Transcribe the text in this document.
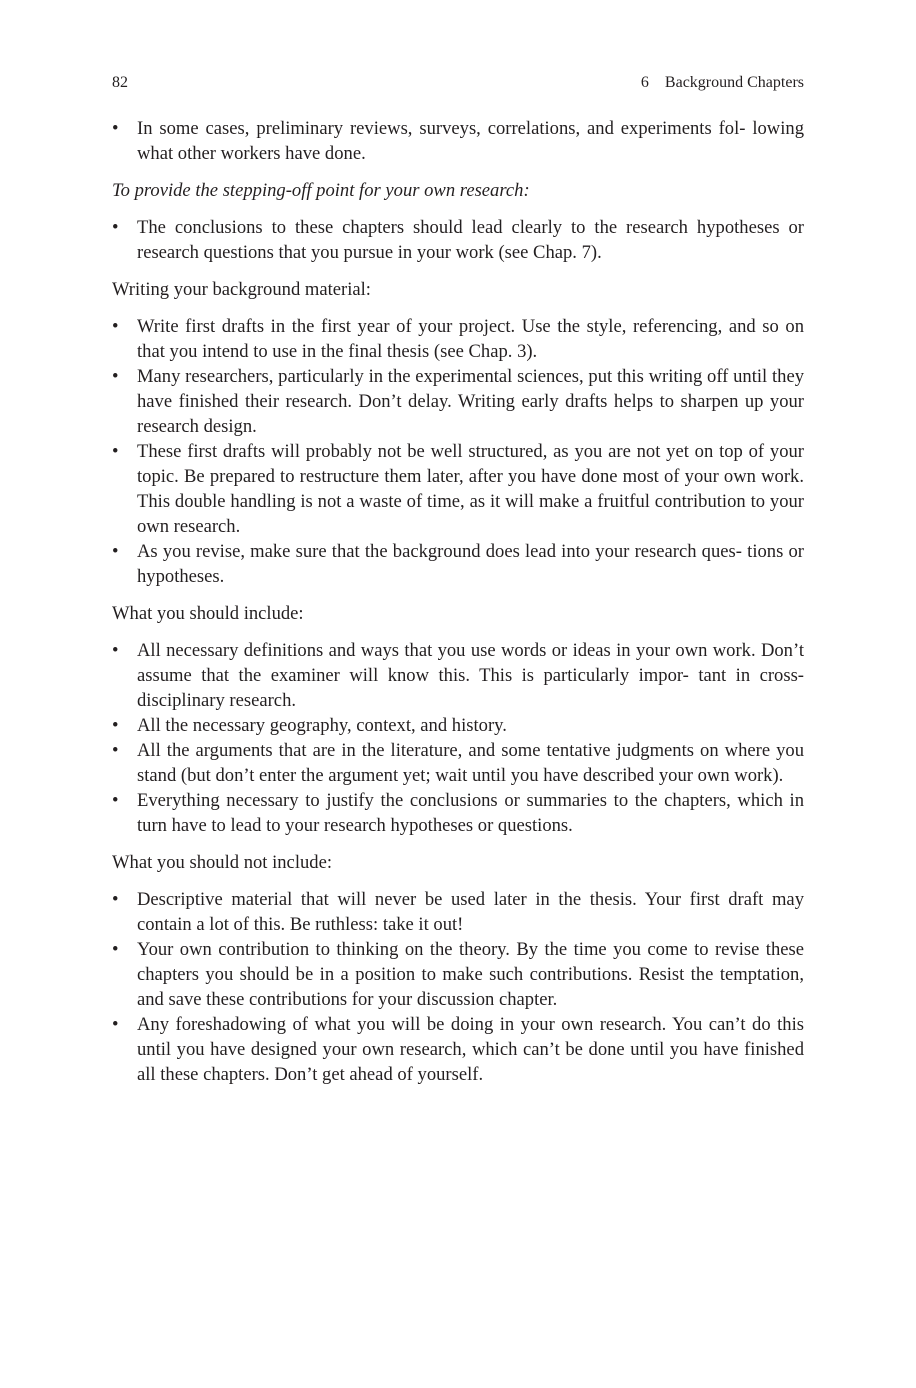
82	6 Background Chapters
• In some cases, preliminary reviews, surveys, correlations, and experiments fol- lowing what other workers have done.
To provide the stepping-off point for your own research:
• The conclusions to these chapters should lead clearly to the research hypotheses or research questions that you pursue in your work (see Chap. 7).
Writing your background material:
• Write first drafts in the first year of your project. Use the style, referencing, and so on that you intend to use in the final thesis (see Chap. 3).
• Many researchers, particularly in the experimental sciences, put this writing off until they have finished their research. Don’t delay. Writing early drafts helps to sharpen up your research design.
• These first drafts will probably not be well structured, as you are not yet on top of your topic. Be prepared to restructure them later, after you have done most of your own work. This double handling is not a waste of time, as it will make a fruitful contribution to your own research.
• As you revise, make sure that the background does lead into your research ques- tions or hypotheses.
What you should include:
• All necessary definitions and ways that you use words or ideas in your own work. Don’t assume that the examiner will know this. This is particularly impor- tant in cross-disciplinary research.
• All the necessary geography, context, and history.
• All the arguments that are in the literature, and some tentative judgments on where you stand (but don’t enter the argument yet; wait until you have described your own work).
• Everything necessary to justify the conclusions or summaries to the chapters, which in turn have to lead to your research hypotheses or questions.
What you should not include:
• Descriptive material that will never be used later in the thesis. Your first draft may contain a lot of this. Be ruthless: take it out!
• Your own contribution to thinking on the theory. By the time you come to revise these chapters you should be in a position to make such contributions. Resist the temptation, and save these contributions for your discussion chapter.
• Any foreshadowing of what you will be doing in your own research. You can’t do this until you have designed your own research, which can’t be done until you have finished all these chapters. Don’t get ahead of yourself.
